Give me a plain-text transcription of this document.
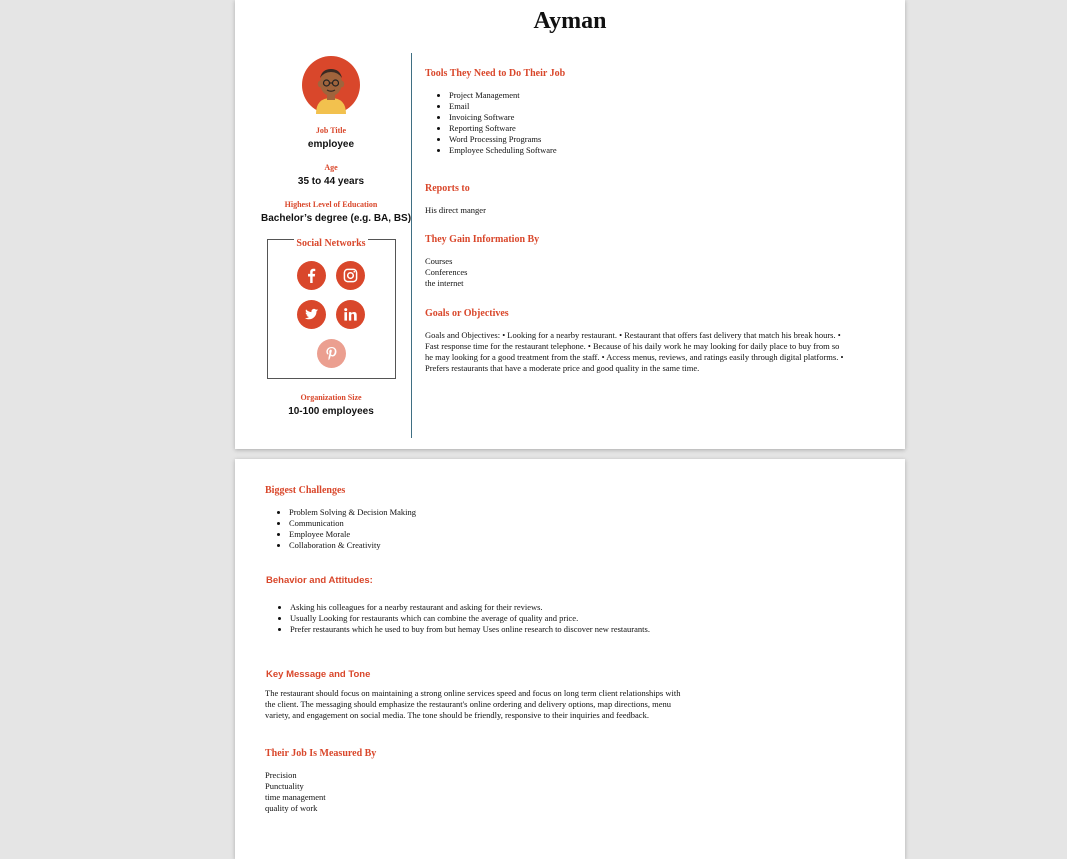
Ayman
Job Title
employee
Age
35 to 44 years
Highest Level of Education
Bachelor’s degree (e.g. BA, BS)
Social Networks
Organization Size
10-100 employees
Tools They Need to Do Their Job
• Project Management
• Email
• Invoicing Software
• Reporting Software
• Word Processing Programs
• Employee Scheduling Software
Reports to
His direct manger
They Gain Information By
Courses
Conferences
the internet
Goals or Objectives
Goals and Objectives: • Looking for a nearby restaurant. • Restaurant that offers fast delivery that match his break hours. • Fast response time for the restaurant telephone. • Because of his daily work he may looking for daily place to buy from so he may looking for a good treatment from the staff. • Access menus, reviews, and ratings easily through digital platforms. • Prefers restaurants that have a moderate price and good quality in the same time.
Biggest Challenges
• Problem Solving & Decision Making
• Communication
• Employee Morale
• Collaboration & Creativity
Behavior and Attitudes:
• Asking his colleagues for a nearby restaurant and asking for their reviews.
• Usually Looking for restaurants which can combine the average of quality and price.
• Prefer restaurants which he used to buy from but hemay Uses online research to discover new restaurants.
Key Message and Tone
The restaurant should focus on maintaining a strong online services speed and focus on long term client relationships with the client. The messaging should emphasize the restaurant's online ordering and delivery options, map directions, menu variety, and engagement on social media. The tone should be friendly, responsive to their inquiries and feedback.
Their Job Is Measured By
Precision
Punctuality
time management
quality of work
